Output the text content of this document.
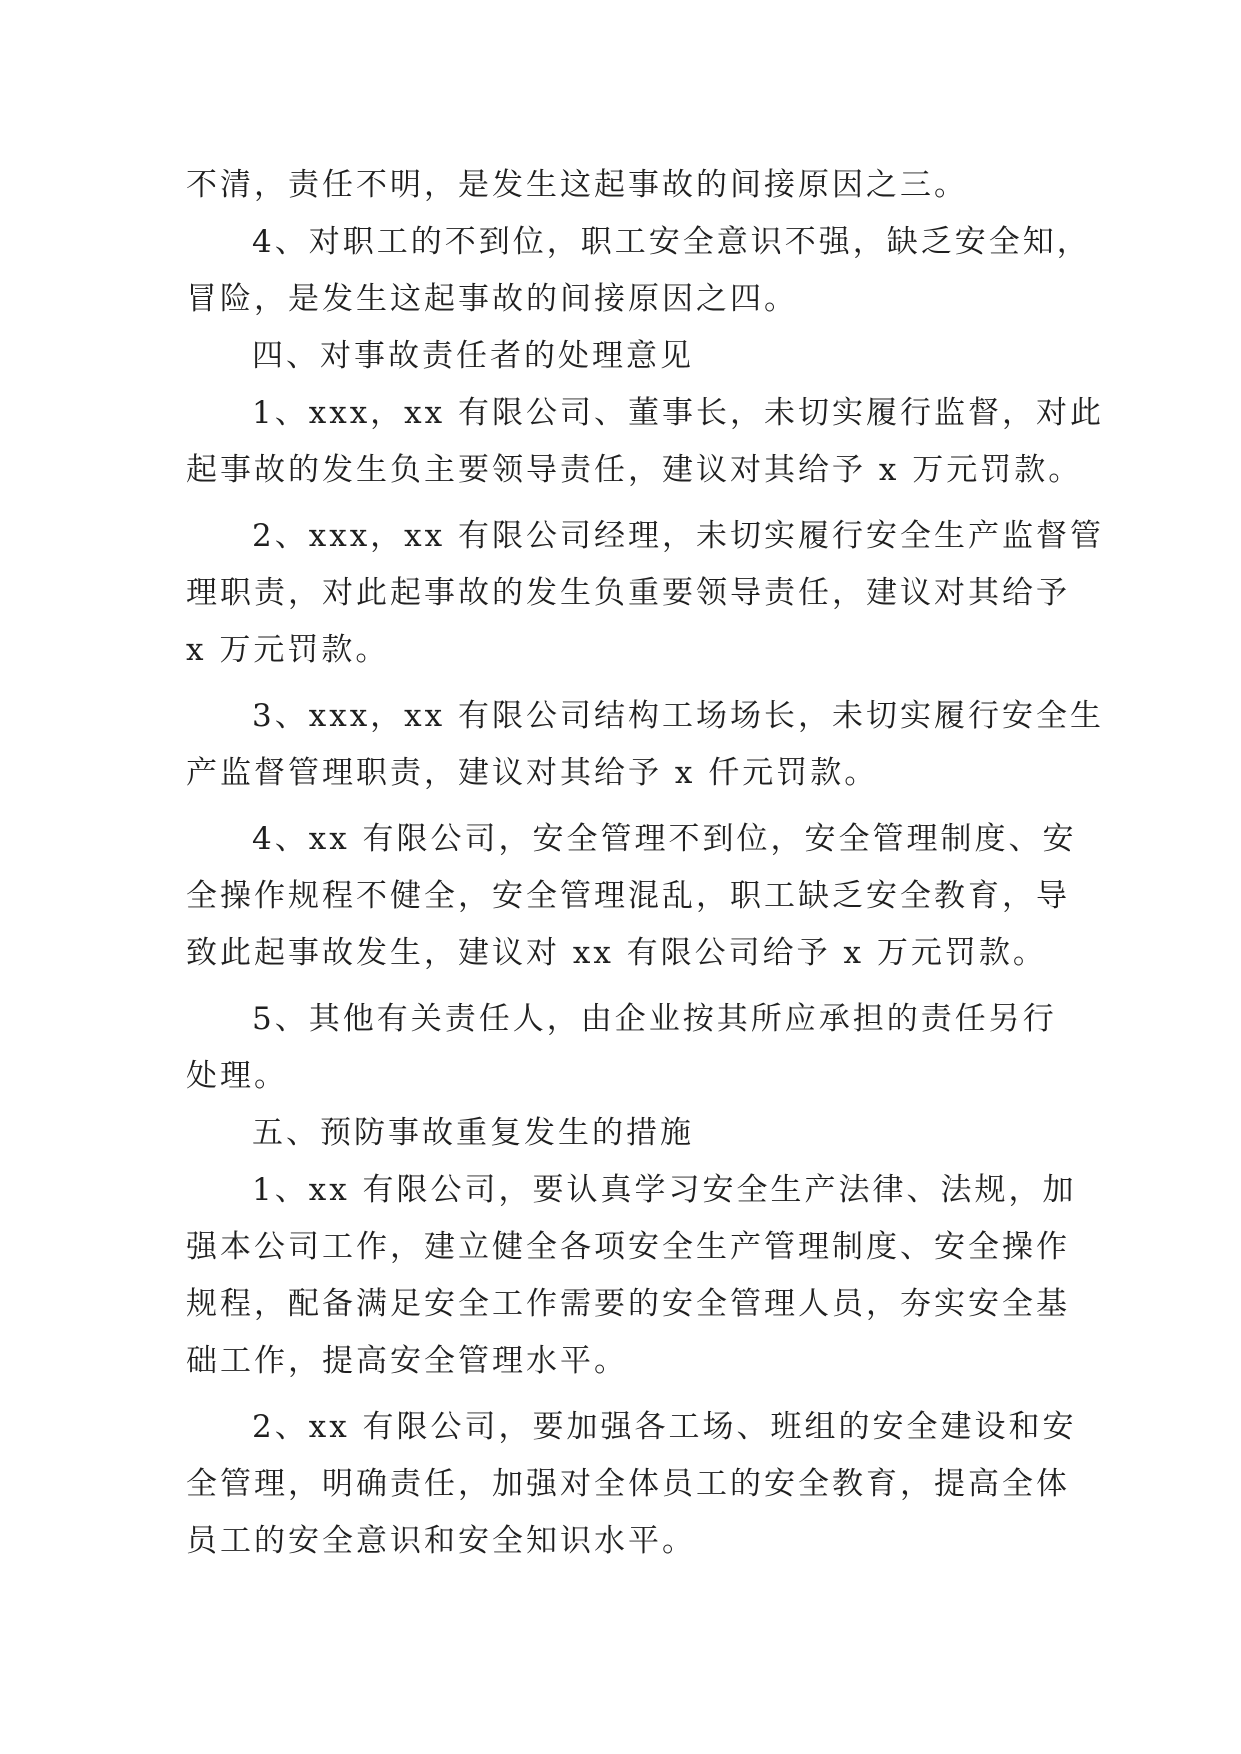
不清，责任不明，是发生这起事故的间接原因之三。

4、对职工的不到位，职工安全意识不强，缺乏安全知，

冒险，是发生这起事故的间接原因之四。

四、对事故责任者的处理意见

1、xxx，xx 有限公司、董事长，未切实履行监督，对此

起事故的发生负主要领导责任，建议对其给予 x 万元罚款。

2、xxx，xx 有限公司经理，未切实履行安全生产监督管

理职责，对此起事故的发生负重要领导责任，建议对其给予

x 万元罚款。

3、xxx，xx 有限公司结构工场场长，未切实履行安全生

产监督管理职责，建议对其给予 x 仟元罚款。

4、xx 有限公司，安全管理不到位，安全管理制度、安

全操作规程不健全，安全管理混乱，职工缺乏安全教育，导

致此起事故发生，建议对 xx 有限公司给予 x 万元罚款。

5、其他有关责任人，由企业按其所应承担的责任另行

处理。

五、预防事故重复发生的措施

1、xx 有限公司，要认真学习安全生产法律、法规，加

强本公司工作，建立健全各项安全生产管理制度、安全操作

规程，配备满足安全工作需要的安全管理人员，夯实安全基

础工作，提高安全管理水平。

2、xx 有限公司，要加强各工场、班组的安全建设和安

全管理，明确责任，加强对全体员工的安全教育，提高全体

员工的安全意识和安全知识水平。
